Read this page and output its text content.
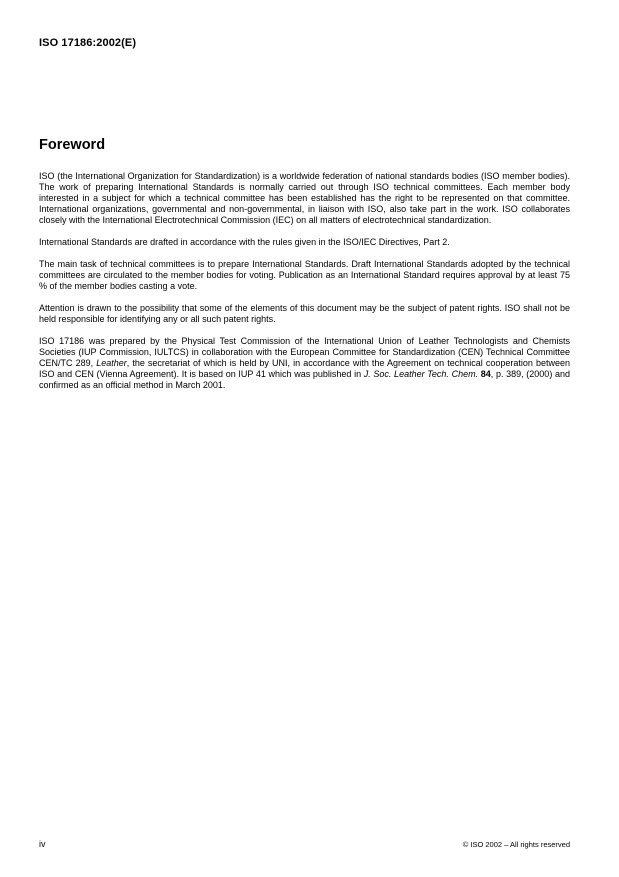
ISO 17186:2002(E)
Foreword

ISO (the International Organization for Standardization) is a worldwide federation of national standards bodies (ISO member bodies). The work of preparing International Standards is normally carried out through ISO technical committees. Each member body interested in a subject for which a technical committee has been established has the right to be represented on that committee. International organizations, governmental and non-governmental, in liaison with ISO, also take part in the work. ISO collaborates closely with the International Electrotechnical Commission (IEC) on all matters of electrotechnical standardization.

International Standards are drafted in accordance with the rules given in the ISO/IEC Directives, Part 2.

The main task of technical committees is to prepare International Standards. Draft International Standards adopted by the technical committees are circulated to the member bodies for voting. Publication as an International Standard requires approval by at least 75 % of the member bodies casting a vote.

Attention is drawn to the possibility that some of the elements of this document may be the subject of patent rights. ISO shall not be held responsible for identifying any or all such patent rights.

ISO 17186 was prepared by the Physical Test Commission of the International Union of Leather Technologists and Chemists Societies (IUP Commission, IULTCS) in collaboration with the European Committee for Standardization (CEN) Technical Committee CEN/TC 289, Leather, the secretariat of which is held by UNI, in accordance with the Agreement on technical cooperation between ISO and CEN (Vienna Agreement). It is based on IUP 41 which was published in J. Soc. Leather Tech. Chem. 84, p. 389, (2000) and confirmed as an official method in March 2001.

iv	© ISO 2002 – All rights reserved
